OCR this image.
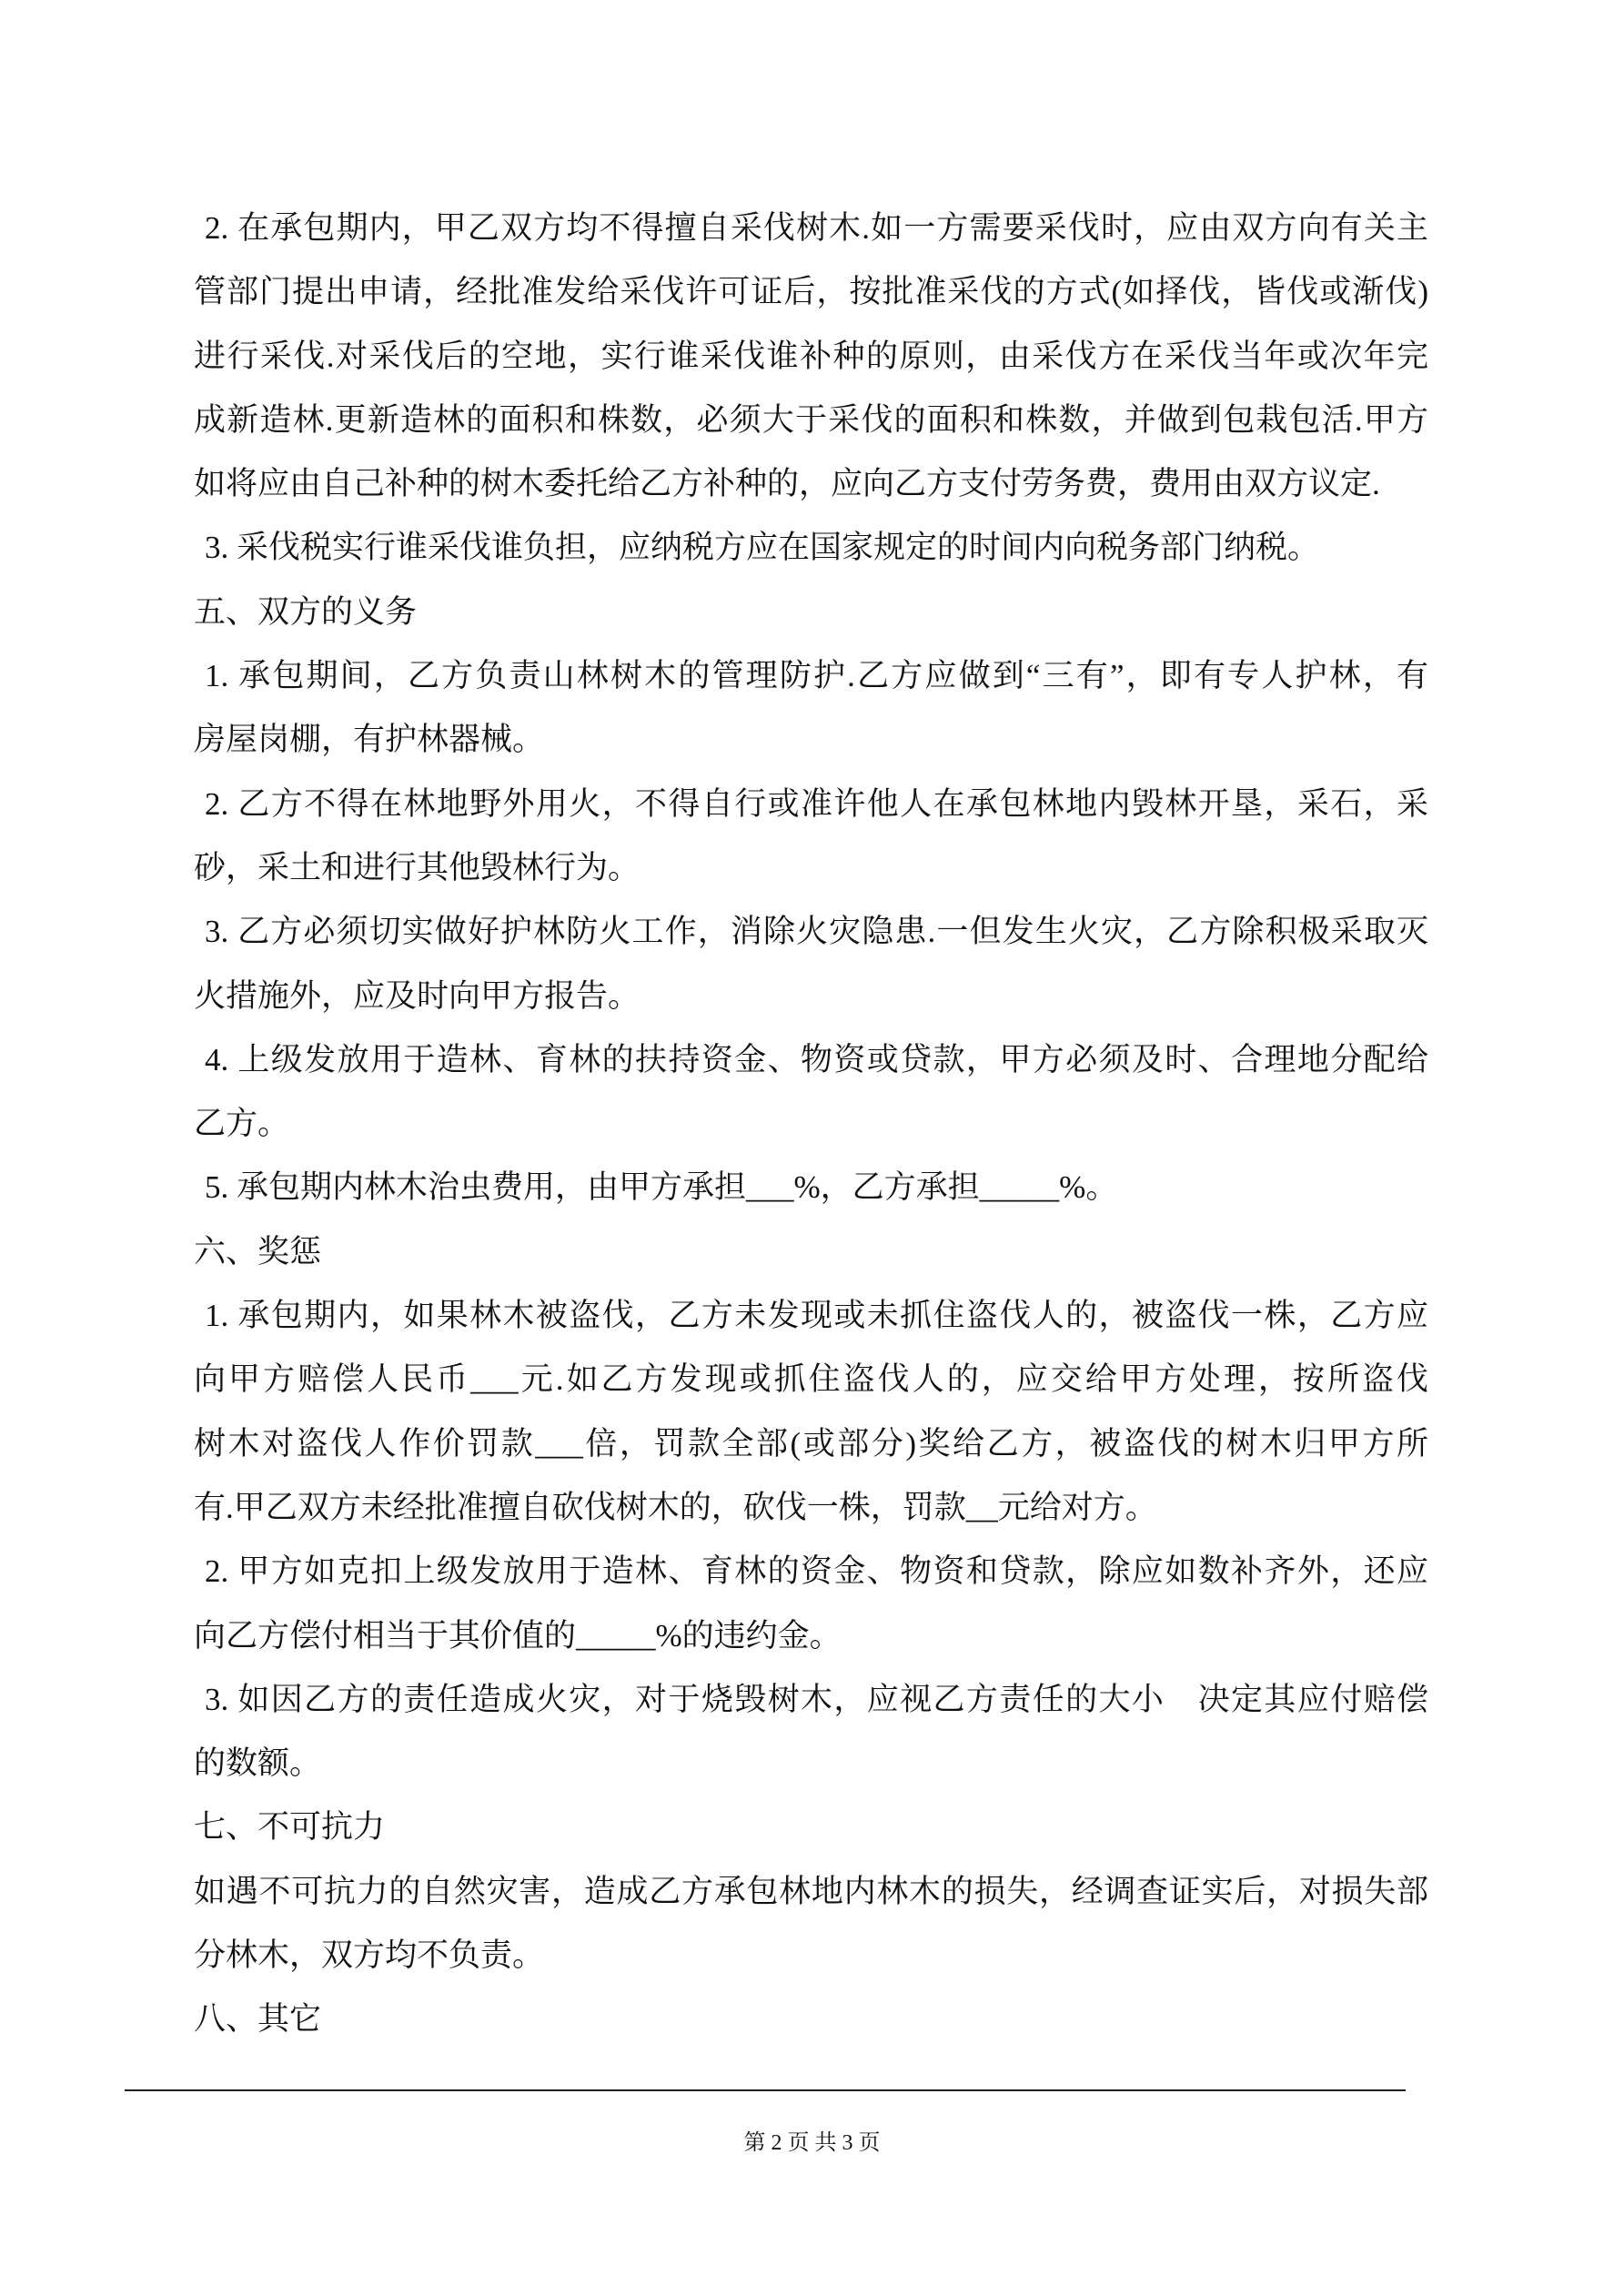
2. 在承包期内，甲乙双方均不得擅自采伐树木.如一方需要采伐时，应由双方向有关主
管部门提出申请，经批准发给采伐许可证后，按批准采伐的方式(如择伐，皆伐或渐伐)
进行采伐.对采伐后的空地，实行谁采伐谁补种的原则，由采伐方在采伐当年或次年完
成新造林.更新造林的面积和株数，必须大于采伐的面积和株数，并做到包栽包活.甲方
如将应由自己补种的树木委托给乙方补种的，应向乙方支付劳务费，费用由双方议定.
3. 采伐税实行谁采伐谁负担，应纳税方应在国家规定的时间内向税务部门纳税。
五、双方的义务
1. 承包期间，乙方负责山林树木的管理防护.乙方应做到“三有”，即有专人护林，有
房屋岗棚，有护林器械。
2. 乙方不得在林地野外用火，不得自行或准许他人在承包林地内毁林开垦，采石，采
砂，采土和进行其他毁林行为。
3. 乙方必须切实做好护林防火工作，消除火灾隐患.一但发生火灾，乙方除积极采取灭
火措施外，应及时向甲方报告。
4. 上级发放用于造林、育林的扶持资金、物资或贷款，甲方必须及时、合理地分配给
乙方。
5. 承包期内林木治虫费用，由甲方承担___%，乙方承担_____%。
六、奖惩
1. 承包期内，如果林木被盗伐，乙方未发现或未抓住盗伐人的，被盗伐一株，乙方应
向甲方赔偿人民币___元.如乙方发现或抓住盗伐人的，应交给甲方处理，按所盗伐
树木对盗伐人作价罚款___倍，罚款全部(或部分)奖给乙方，被盗伐的树木归甲方所
有.甲乙双方未经批准擅自砍伐树木的，砍伐一株，罚款__元给对方。
2. 甲方如克扣上级发放用于造林、育林的资金、物资和贷款，除应如数补齐外，还应
向乙方偿付相当于其价值的_____%的违约金。
3. 如因乙方的责任造成火灾，对于烧毁树木，应视乙方责任的大小　决定其应付赔偿
的数额。
七、不可抗力
如遇不可抗力的自然灾害，造成乙方承包林地内林木的损失，经调查证实后，对损失部
分林木，双方均不负责。
八、其它
第 2 页 共 3 页
